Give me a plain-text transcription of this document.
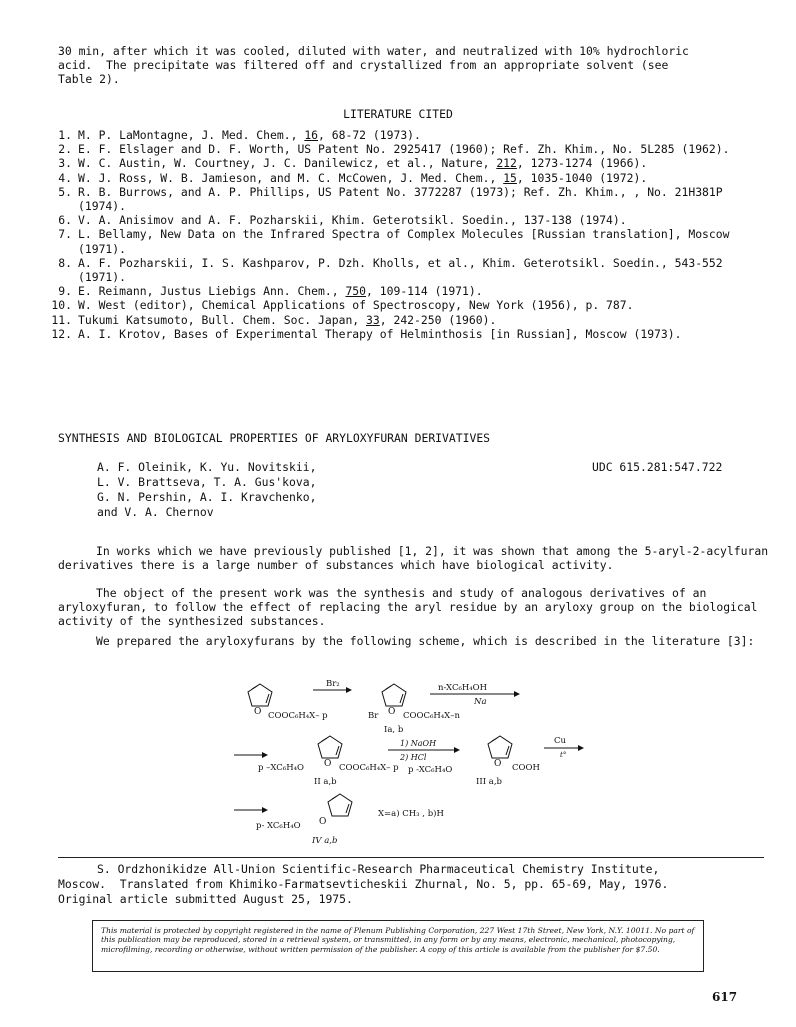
30 min, after which it was cooled, diluted with water, and neutralized with 10% hydrochloric
acid.  The precipitate was filtered off and crystallized from an appropriate solvent (see
Table 2).
LITERATURE CITED
1. M. P. LaMontagne, J. Med. Chem., 16, 68-72 (1973).
2. E. F. Elslager and D. F. Worth, US Patent No. 2925417 (1960); Ref. Zh. Khim., No. 5L285 (1962).
3. W. C. Austin, W. Courtney, J. C. Danilewicz, et al., Nature, 212, 1273-1274 (1966).
4. W. J. Ross, W. B. Jamieson, and M. C. McCowen, J. Med. Chem., 15, 1035-1040 (1972).
5. R. B. Burrows, and A. P. Phillips, US Patent No. 3772287 (1973); Ref. Zh. Khim., , No. 21H381P (1974).
6. V. A. Anisimov and A. F. Pozharskii, Khim. Geterotsikl. Soedin., 137-138 (1974).
7. L. Bellamy, New Data on the Infrared Spectra of Complex Molecules [Russian translation], Moscow (1971).
8. A. F. Pozharskii, I. S. Kashparov, P. Dzh. Kholls, et al., Khim. Geterotsikl. Soedin., 543-552 (1971).
9. E. Reimann, Justus Liebigs Ann. Chem., 750, 109-114 (1971).
10. W. West (editor), Chemical Applications of Spectroscopy, New York (1956), p. 787.
11. Tukumi Katsumoto, Bull. Chem. Soc. Japan, 33, 242-250 (1960).
12. A. I. Krotov, Bases of Experimental Therapy of Helminthosis [in Russian], Moscow (1973).
SYNTHESIS AND BIOLOGICAL PROPERTIES OF ARYLOXYFURAN DERIVATIVES
A. F. Oleinik, K. Yu. Novitskii,
L. V. Brattseva, T. A. Gus'kova,
G. N. Pershin, A. I. Kravchenko,
and V. A. Chernov
UDC 615.281:547.722
In works which we have previously published [1, 2], it was shown that among the 5-aryl-2-acylfuran derivatives there is a large number of substances which have biological activity.
The object of the present work was the synthesis and study of analogous derivatives of an aryloxyfuran, to follow the effect of replacing the aryl residue by an aryloxy group on the biological activity of the synthesized substances.
We prepared the aryloxyfurans by the following scheme, which is described in the literature [3]:
O COOC₆H₄X– p
Br₂
O
Br	COOC₆H₄X–n
Ia, b
n-XC₆H₄OH
Na
p –XC₆H₄O O COOC₆H₄X– p
II a,b
1) NaOH
2) HCl
p -XC₆H₄O
O COOH
III a,b
Cu
t°
p- XC₆H₄O O
X=a) CH₃ , b)H
IV a,b
S. Ordzhonikidze All-Union Scientific-Research Pharmaceutical Chemistry Institute,
Moscow.  Translated from Khimiko-Farmatsevticheskii Zhurnal, No. 5, pp. 65-69, May, 1976.
Original article submitted August 25, 1975.
This material is protected by copyright registered in the name of Plenum Publishing Corporation, 227 West 17th Street, New York, N.Y. 10011. No part of this publication may be reproduced, stored in a retrieval system, or transmitted, in any form or by any means, electronic, mechanical, photocopying, microfilming, recording or otherwise, without written permission of the publisher. A copy of this article is available from the publisher for $7.50.
617
